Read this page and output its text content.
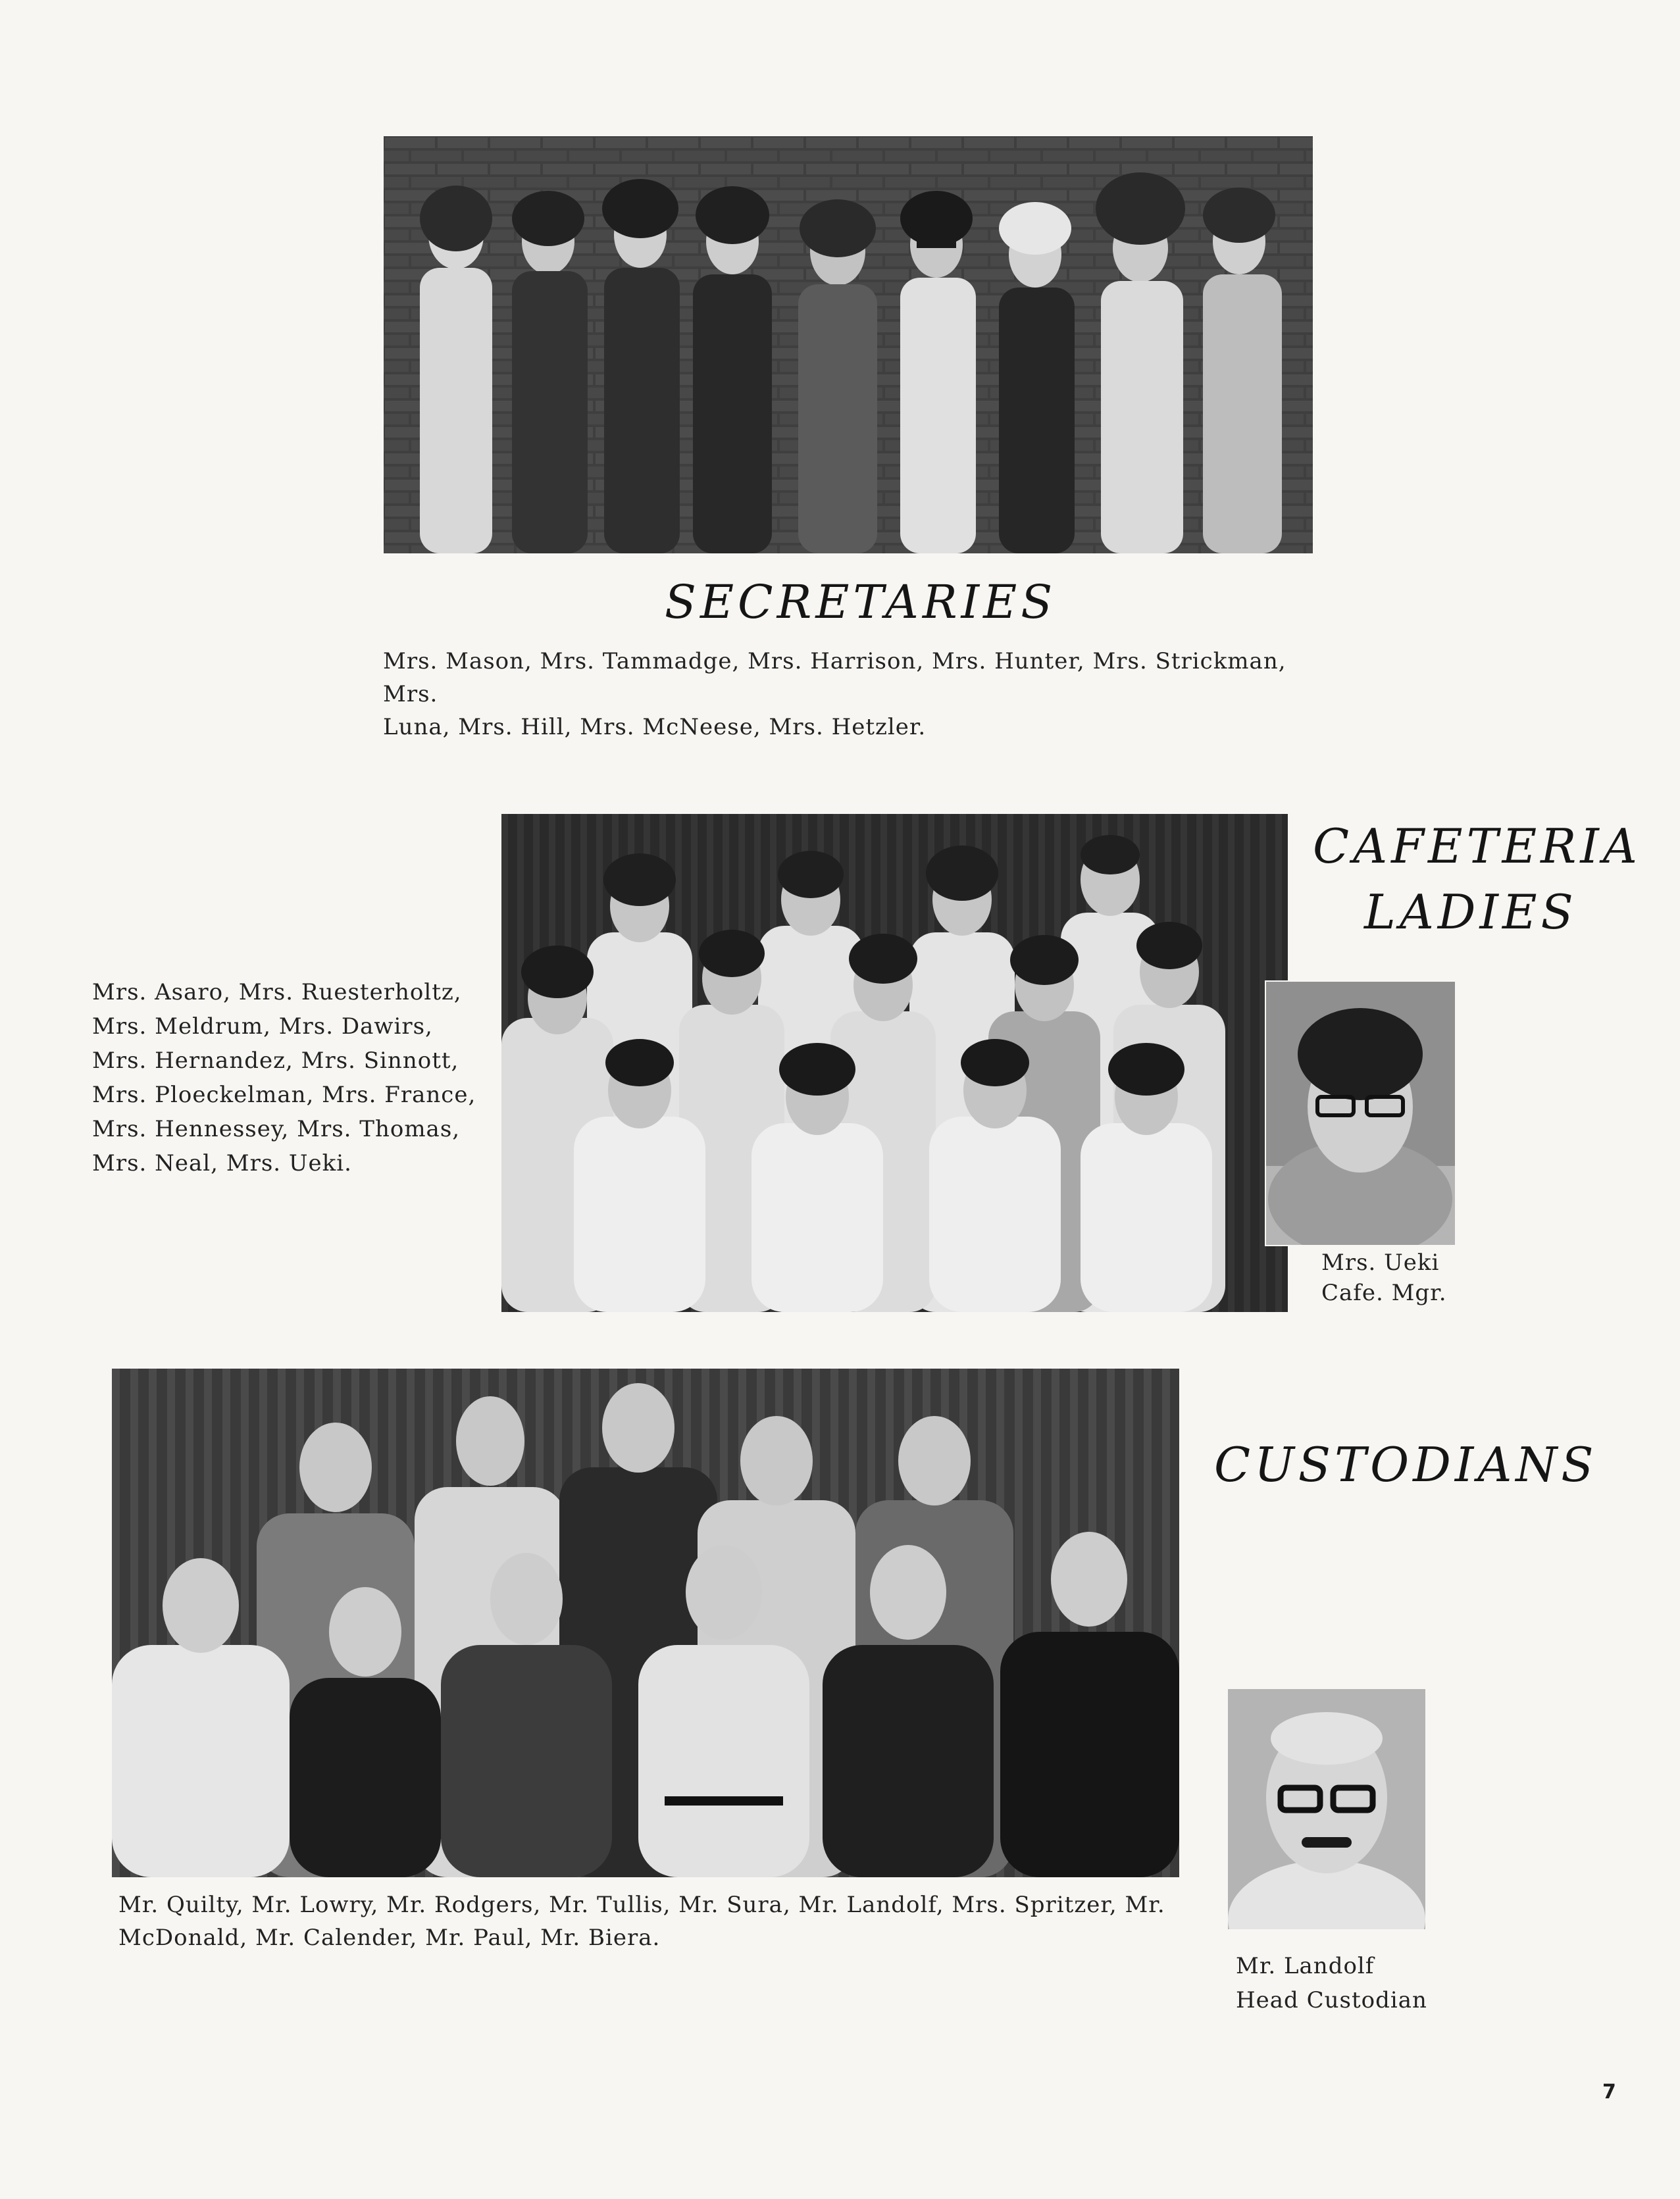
SECRETARIES
Mrs. Mason, Mrs. Tammadge, Mrs. Harrison, Mrs. Hunter, Mrs. Strickman, Mrs.
Luna, Mrs. Hill, Mrs. McNeese, Mrs. Hetzler.
CAFETERIA
LADIES
Mrs. Asaro, Mrs. Ruesterholtz,
Mrs. Meldrum, Mrs. Dawirs,
Mrs. Hernandez, Mrs. Sinnott,
Mrs. Ploeckelman, Mrs. France,
Mrs. Hennessey, Mrs. Thomas,
Mrs. Neal, Mrs. Ueki.
Mrs. Ueki
Cafe. Mgr.
CUSTODIANS
Mr. Quilty, Mr. Lowry, Mr. Rodgers, Mr. Tullis, Mr. Sura, Mr. Landolf, Mrs. Spritzer, Mr.
McDonald, Mr. Calender, Mr. Paul, Mr. Biera.
Mr. Landolf
Head Custodian
7
